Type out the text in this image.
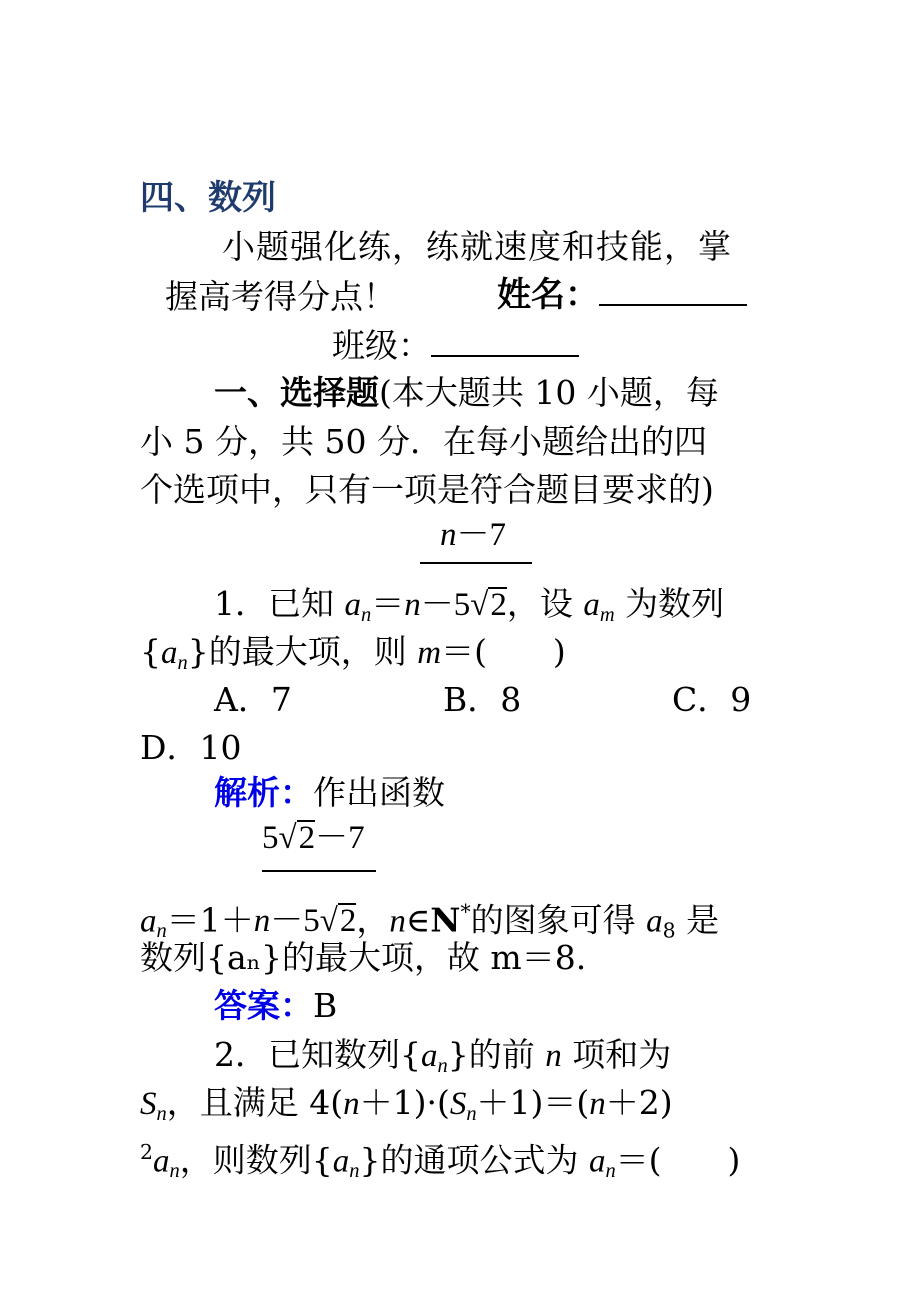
四、数列
小题强化练，练就速度和技能，掌
握高考得分点！	姓名：
班级：
一、选择题(本大题共 10 小题，每
小 5 分，共 50 分．在每小题给出的四
个选项中，只有一项是符合题目要求的)
n－7
1．已知 $a_n=n-5√2$，设 $a_m$ 为数列
$\{a_n\}$的最大项，则 m＝(　　)
A．7	B．8	C．9
D．10
解析：作出函数
5√2－7
$a_n=1+n-5√2$，n∈N*的图象可得 $a_8$ 是
数列{aₙ}的最大项，故 m＝8.
答案：B
2．已知数列$\{a_n\}$的前 n 项和为
$S_n$，且满足 $4(n+1)\cdot(S_n+1)=(n+2)$
$^2a_n$，则数列$\{a_n\}$的通项公式为 $a_n=$(　　)
